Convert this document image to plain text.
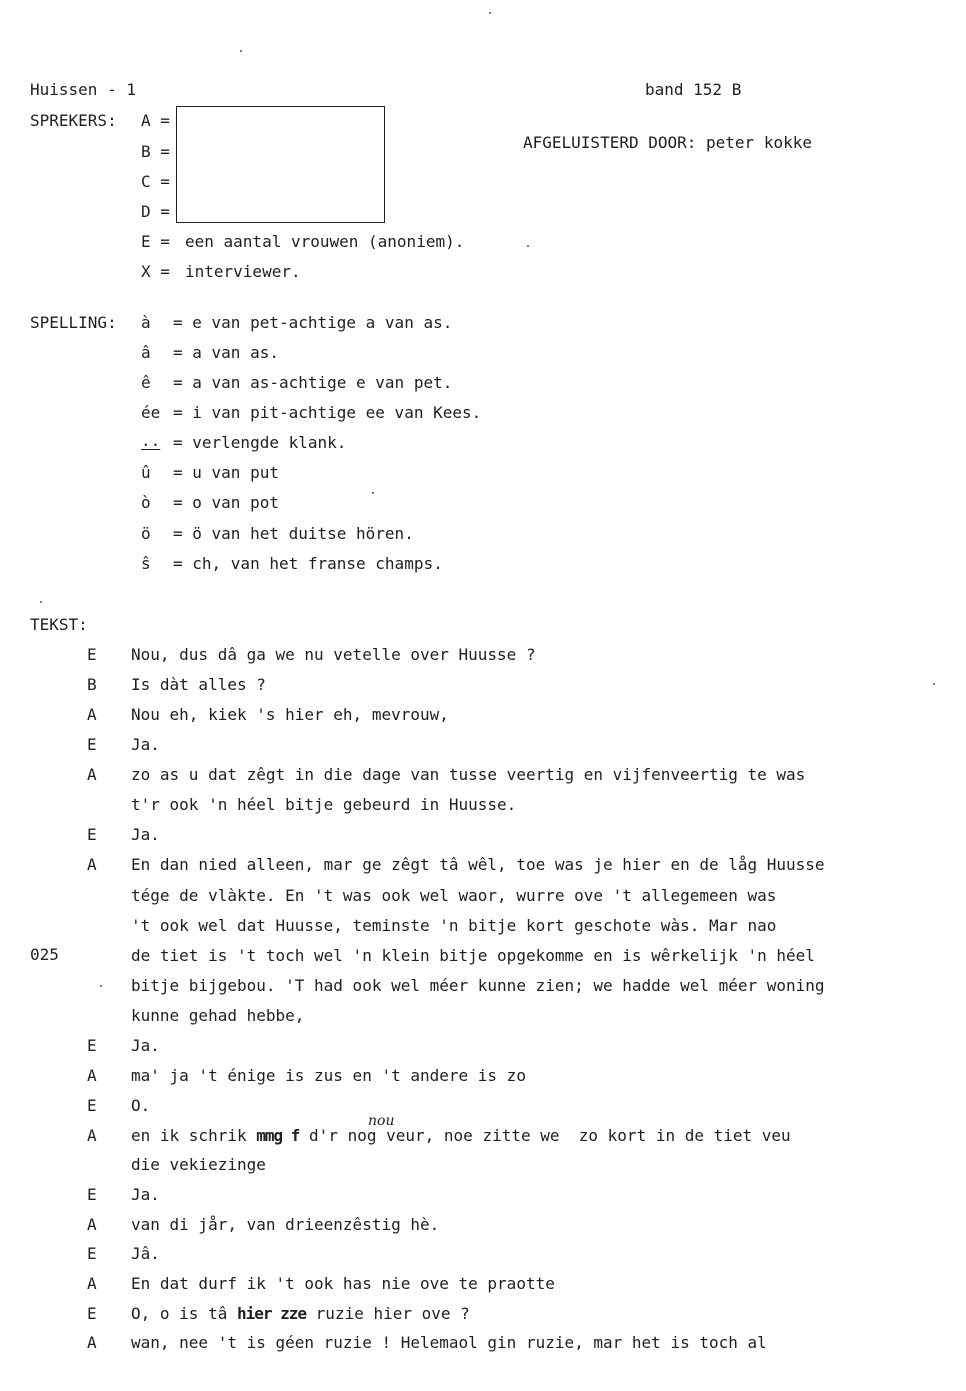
Huissen - 1	band 152 B
SPREKERS:
AFGELUISTERD DOOR: peter kokke
A =
B =
C =
D =
E = een aantal vrouwen (anoniem).
X = interviewer.
SPELLING: à = e van pet-achtige a van as.
â = a van as.
ê = a van as-achtige e van pet.
ée = i van pit-achtige ee van Kees.
.. = verlengde klank.
û = u van put
ò = o van pot
ö = ö van het duitse hören.
ŝ = ch, van het franse champs.
TEKST:
025
E Nou, dus dâ ga we nu vetelle over Huusse ?
B Is dàt alles ?
A Nou eh, kiek 's hier eh, mevrouw,
E Ja.
A zo as u dat zêgt in die dage van tusse veertig en vijfenveertig te was
t'r ook 'n héel bitje gebeurd in Huusse.
E Ja.
A En dan nied alleen, mar ge zêgt tâ wêl, toe was je hier en de låg Huusse
tége de vlàkte. En 't was ook wel waor, wurre ove 't allegemeen was
't ook wel dat Huusse, teminste 'n bitje kort geschote wàs. Mar nao
de tiet is 't toch wel 'n klein bitje opgekomme en is wêrkelijk 'n héel
bitje bijgebou. 'T had ook wel méer kunne zien; we hadde wel méer woning
kunne gehad hebbe,
E Ja.
A ma' ja 't énige is zus en 't andere is zo
E O.
die vekiezinge
E Ja.
A van di jår, van drieenzêstig hè.
E Jâ.
A En dat durf ik 't ook has nie ove te praotte
A wan, nee 't is géen ruzie ! Helemaol gin ruzie, mar het is toch al
A en ik schrik mmg f d'r nog veur, noe zitte we  zo kort in de tiet veu
nou
E O, o is tâ hier zze ruzie hier ove ?
